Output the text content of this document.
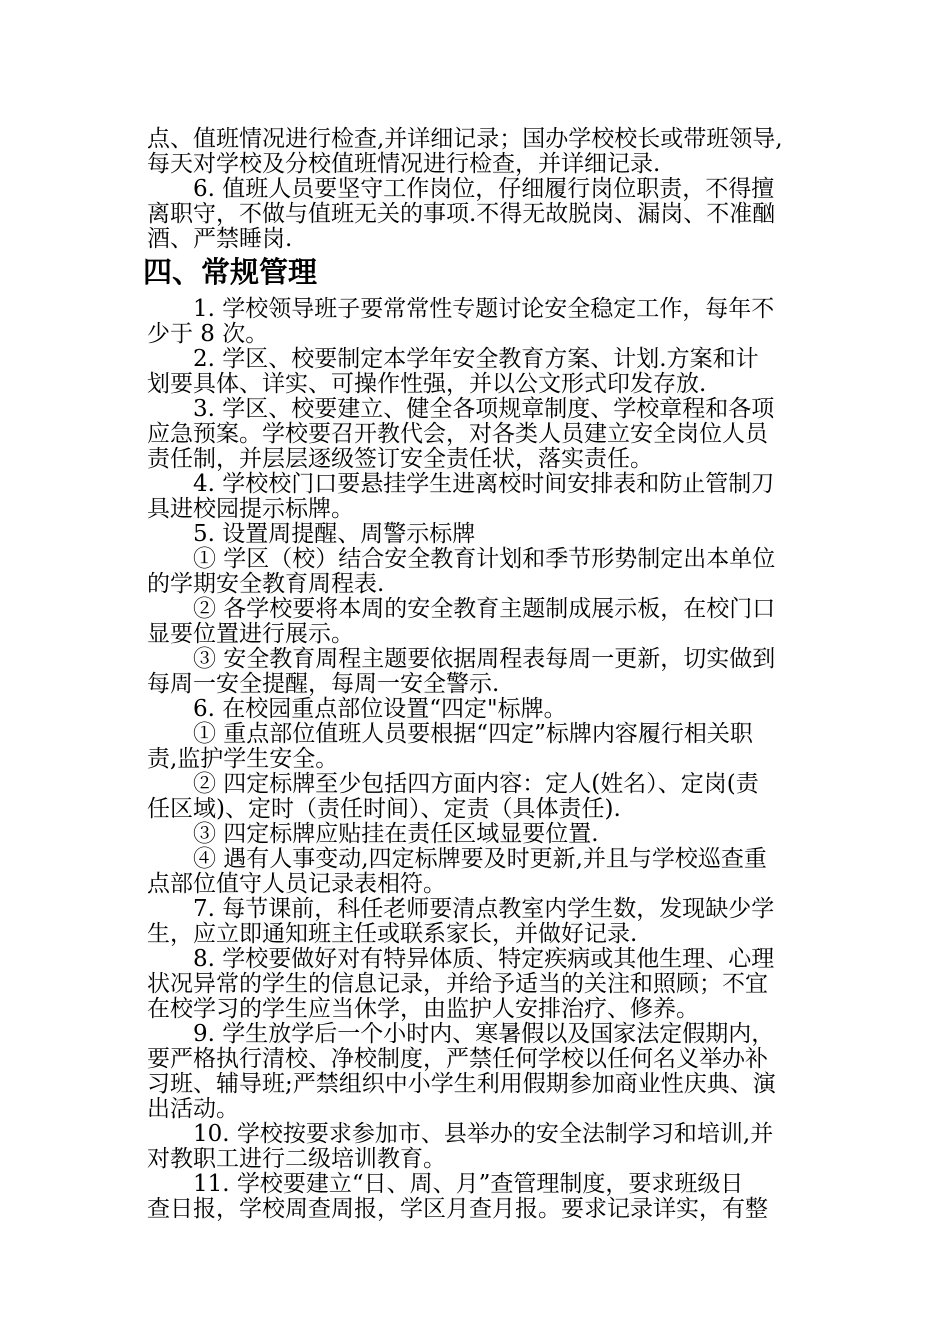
点、值班情况进行检查,并详细记录；国办学校校长或带班领导,
每天对学校及分校值班情况进行检查，并详细记录.
　　6. 值班人员要坚守工作岗位，仔细履行岗位职责，不得擅
离职守，不做与值班无关的事项.不得无故脱岗、漏岗、不准酗
酒、严禁睡岗.
　　1. 学校领导班子要常常性专题讨论安全稳定工作，每年不
少于 8 次。
　　2. 学区、校要制定本学年安全教育方案、计划.方案和计
划要具体、详实、可操作性强，并以公文形式印发存放.
　　3. 学区、校要建立、健全各项规章制度、学校章程和各项
应急预案。学校要召开教代会，对各类人员建立安全岗位人员
责任制，并层层逐级签订安全责任状，落实责任。
　　4. 学校校门口要悬挂学生进离校时间安排表和防止管制刀
具进校园提示标牌。
　　5. 设置周提醒、周警示标牌
　　① 学区（校）结合安全教育计划和季节形势制定出本单位
的学期安全教育周程表.
　　② 各学校要将本周的安全教育主题制成展示板，在校门口
显要位置进行展示。
　　③ 安全教育周程主题要依据周程表每周一更新，切实做到
每周一安全提醒，每周一安全警示.
　　6. 在校园重点部位设置“四定"标牌。
　　① 重点部位值班人员要根据“四定”标牌内容履行相关职
责,监护学生安全。
　　② 四定标牌至少包括四方面内容：定人(姓名）、定岗(责
任区域)、定时（责任时间）、定责（具体责任).
　　③ 四定标牌应贴挂在责任区域显要位置.
　　④ 遇有人事变动,四定标牌要及时更新,并且与学校巡查重
点部位值守人员记录表相符。
　　7. 每节课前，科任老师要清点教室内学生数，发现缺少学
生，应立即通知班主任或联系家长，并做好记录.
　　8. 学校要做好对有特异体质、特定疾病或其他生理、心理
状况异常的学生的信息记录，并给予适当的关注和照顾；不宜
在校学习的学生应当休学，由监护人安排治疗、修养。
　　9. 学生放学后一个小时内、寒暑假以及国家法定假期内，
要严格执行清校、净校制度，严禁任何学校以任何名义举办补
习班、辅导班;严禁组织中小学生利用假期参加商业性庆典、演
出活动。
　　10. 学校按要求参加市、县举办的安全法制学习和培训,并
对教职工进行二级培训教育。
　　11. 学校要建立“日、周、月”查管理制度，要求班级日
查日报，学校周查周报，学区月查月报。要求记录详实，有整
四、常规管理
